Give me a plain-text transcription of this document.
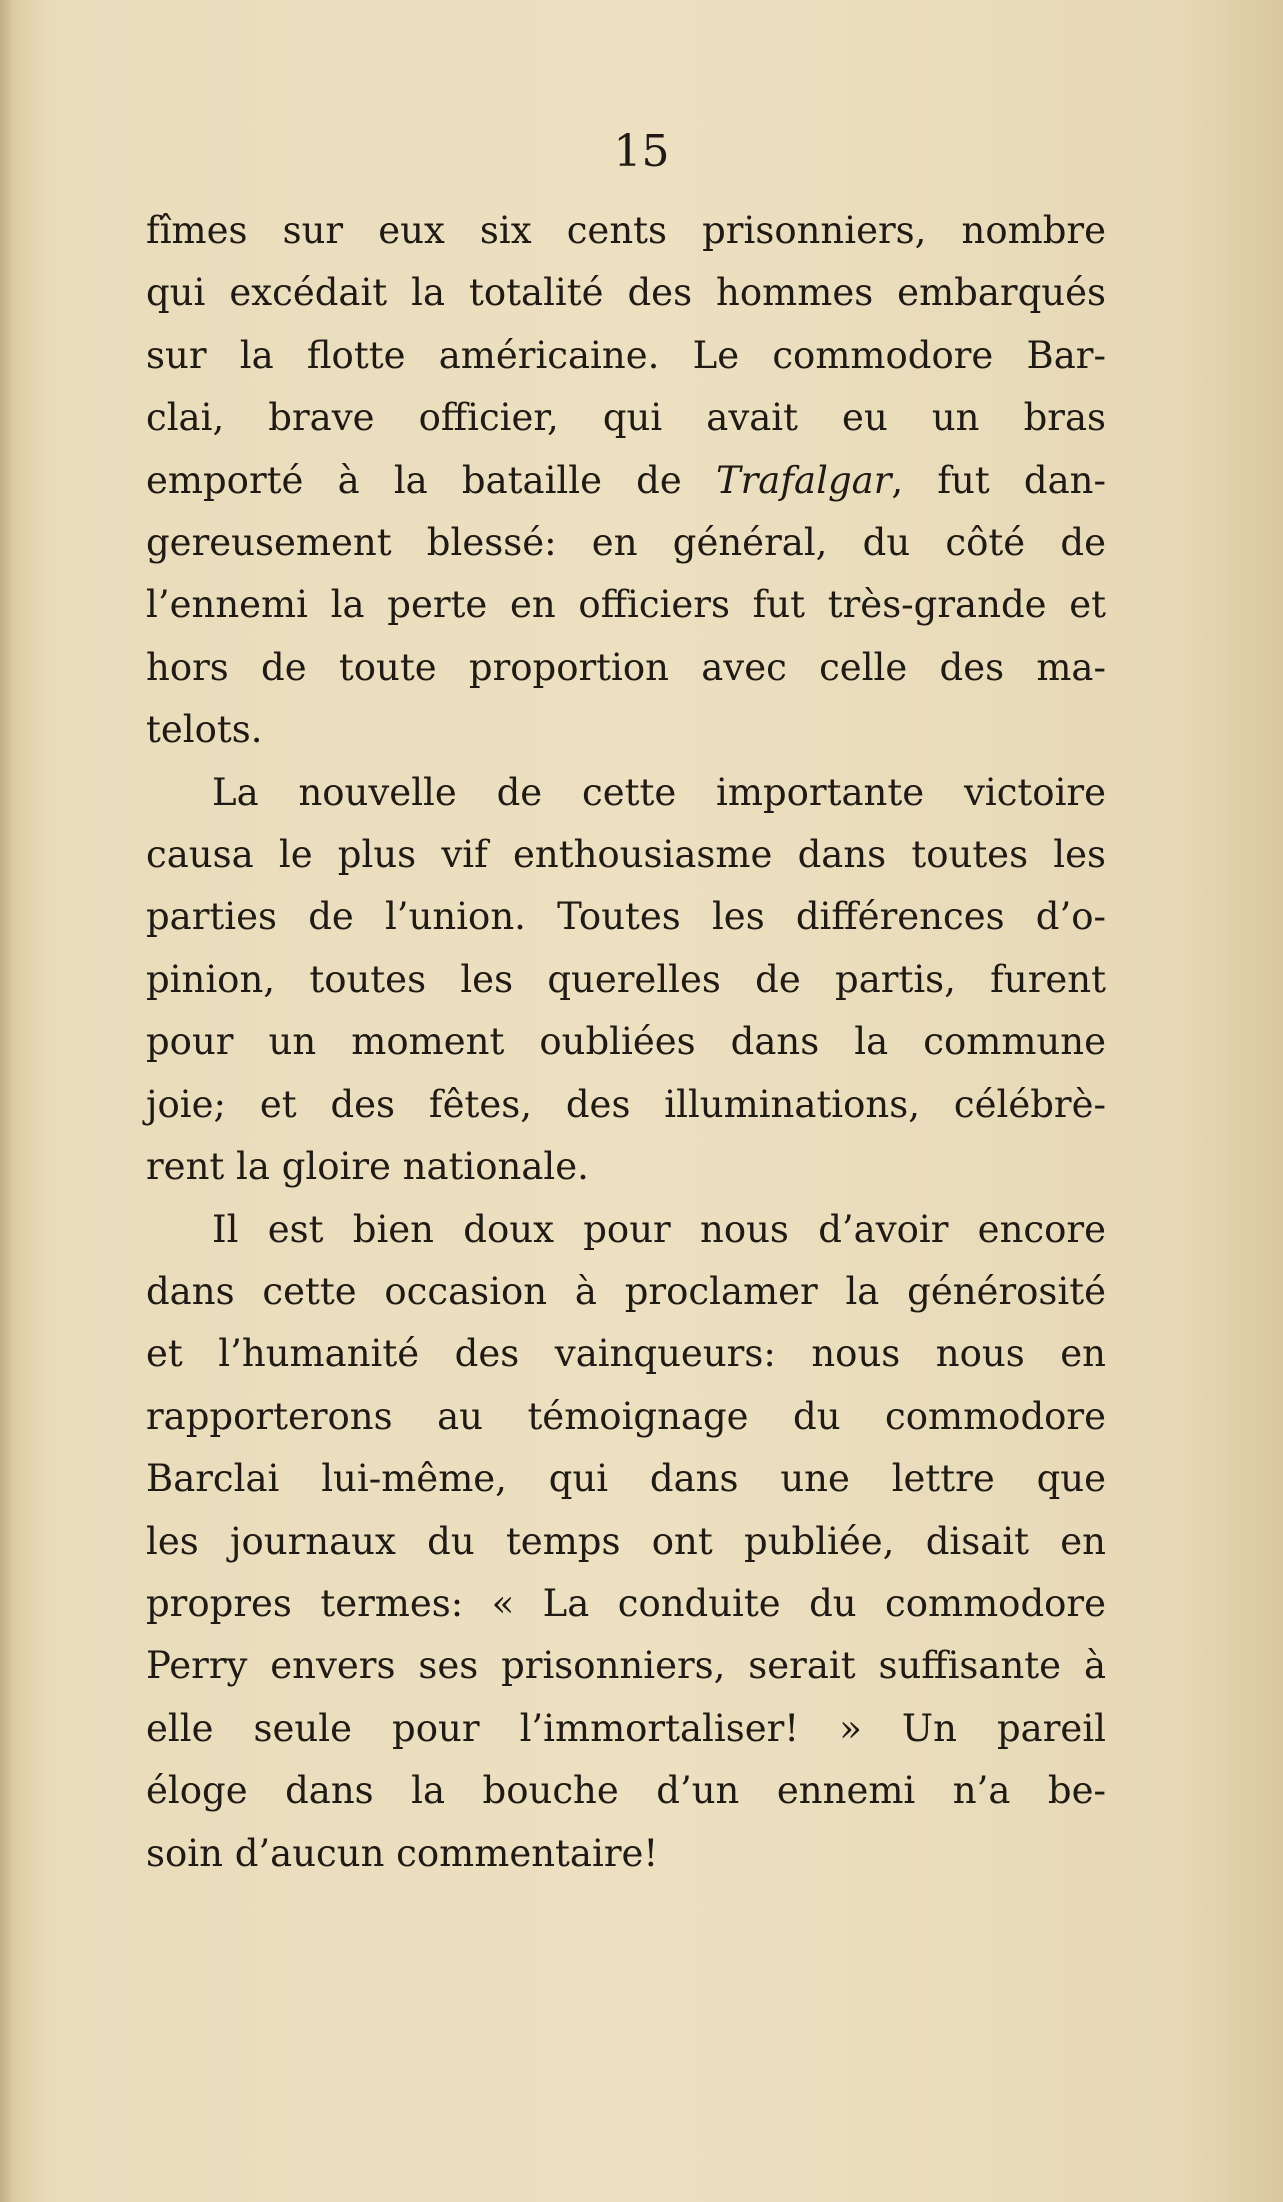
15
fîmes sur eux six cents prisonniers, nombre
qui excédait la totalité des hommes embarqués
sur la flotte américaine. Le commodore Bar-
clai, brave officier, qui avait eu un bras
emporté à la bataille de Trafalgar, fut dan-
gereusement blessé: en général, du côté de
l’ennemi la perte en officiers fut très-grande et
hors de toute proportion avec celle des ma-
telots.
La nouvelle de cette importante victoire
causa le plus vif enthousiasme dans toutes les
parties de l’union. Toutes les différences d’o-
pinion, toutes les querelles de partis, furent
pour un moment oubliées dans la commune
joie; et des fêtes, des illuminations, célébrè-
rent la gloire nationale.
Il est bien doux pour nous d’avoir encore
dans cette occasion à proclamer la générosité
et l’humanité des vainqueurs: nous nous en
rapporterons au témoignage du commodore
Barclai lui-même, qui dans une lettre que
les journaux du temps ont publiée, disait en
propres termes: « La conduite du commodore
Perry envers ses prisonniers, serait suffisante à
elle seule pour l’immortaliser! » Un pareil
éloge dans la bouche d’un ennemi n’a be-
soin d’aucun commentaire!
